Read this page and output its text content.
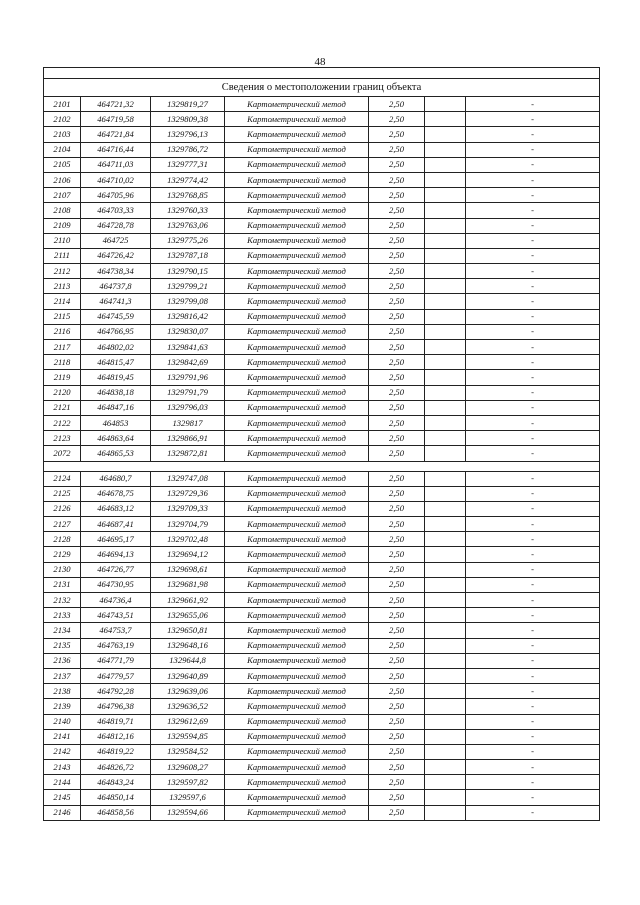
48

Сведения о местоположении границ объекта						
2101	464721,32	1329819,27	Картометрический метод	2,50		-
2102	464719,58	1329809,38	Картометрический метод	2,50		-
2103	464721,84	1329796,13	Картометрический метод	2,50		-
2104	464716,44	1329786,72	Картометрический метод	2,50		-
2105	464711,03	1329777,31	Картометрический метод	2,50		-
2106	464710,02	1329774,42	Картометрический метод	2,50		-
2107	464705,96	1329768,85	Картометрический метод	2,50		-
2108	464703,33	1329760,33	Картометрический метод	2,50		-
2109	464728,78	1329763,06	Картометрический метод	2,50		-
2110	464725	1329775,26	Картометрический метод	2,50		-
2111	464726,42	1329787,18	Картометрический метод	2,50		-
2112	464738,34	1329790,15	Картометрический метод	2,50		-
2113	464737,8	1329799,21	Картометрический метод	2,50		-
2114	464741,3	1329799,08	Картометрический метод	2,50		-
2115	464745,59	1329816,42	Картометрический метод	2,50		-
2116	464766,95	1329830,07	Картометрический метод	2,50		-
2117	464802,02	1329841,63	Картометрический метод	2,50		-
2118	464815,47	1329842,69	Картометрический метод	2,50		-
2119	464819,45	1329791,96	Картометрический метод	2,50		-
2120	464838,18	1329791,79	Картометрический метод	2,50		-
2121	464847,16	1329796,03	Картометрический метод	2,50		-
2122	464853	1329817	Картометрический метод	2,50		-
2123	464863,64	1329866,91	Картометрический метод	2,50		-
2072	464865,53	1329872,81	Картометрический метод	2,50		-

2124	464680,7	1329747,08	Картометрический метод	2,50		-
2125	464678,75	1329729,36	Картометрический метод	2,50		-
2126	464683,12	1329709,33	Картометрический метод	2,50		-
2127	464687,41	1329704,79	Картометрический метод	2,50		-
2128	464695,17	1329702,48	Картометрический метод	2,50		-
2129	464694,13	1329694,12	Картометрический метод	2,50		-
2130	464726,77	1329698,61	Картометрический метод	2,50		-
2131	464730,95	1329681,98	Картометрический метод	2,50		-
2132	464736,4	1329661,92	Картометрический метод	2,50		-
2133	464743,51	1329655,06	Картометрический метод	2,50		-
2134	464753,7	1329650,81	Картометрический метод	2,50		-
2135	464763,19	1329648,16	Картометрический метод	2,50		-
2136	464771,79	1329644,8	Картометрический метод	2,50		-
2137	464779,57	1329640,89	Картометрический метод	2,50		-
2138	464792,28	1329639,06	Картометрический метод	2,50		-
2139	464796,38	1329636,52	Картометрический метод	2,50		-
2140	464819,71	1329612,69	Картометрический метод	2,50		-
2141	464812,16	1329594,85	Картометрический метод	2,50		-
2142	464819,22	1329584,52	Картометрический метод	2,50		-
2143	464826,72	1329608,27	Картометрический метод	2,50		-
2144	464843,24	1329597,82	Картометрический метод	2,50		-
2145	464850,14	1329597,6	Картометрический метод	2,50		-
2146	464858,56	1329594,66	Картометрический метод	2,50		-
